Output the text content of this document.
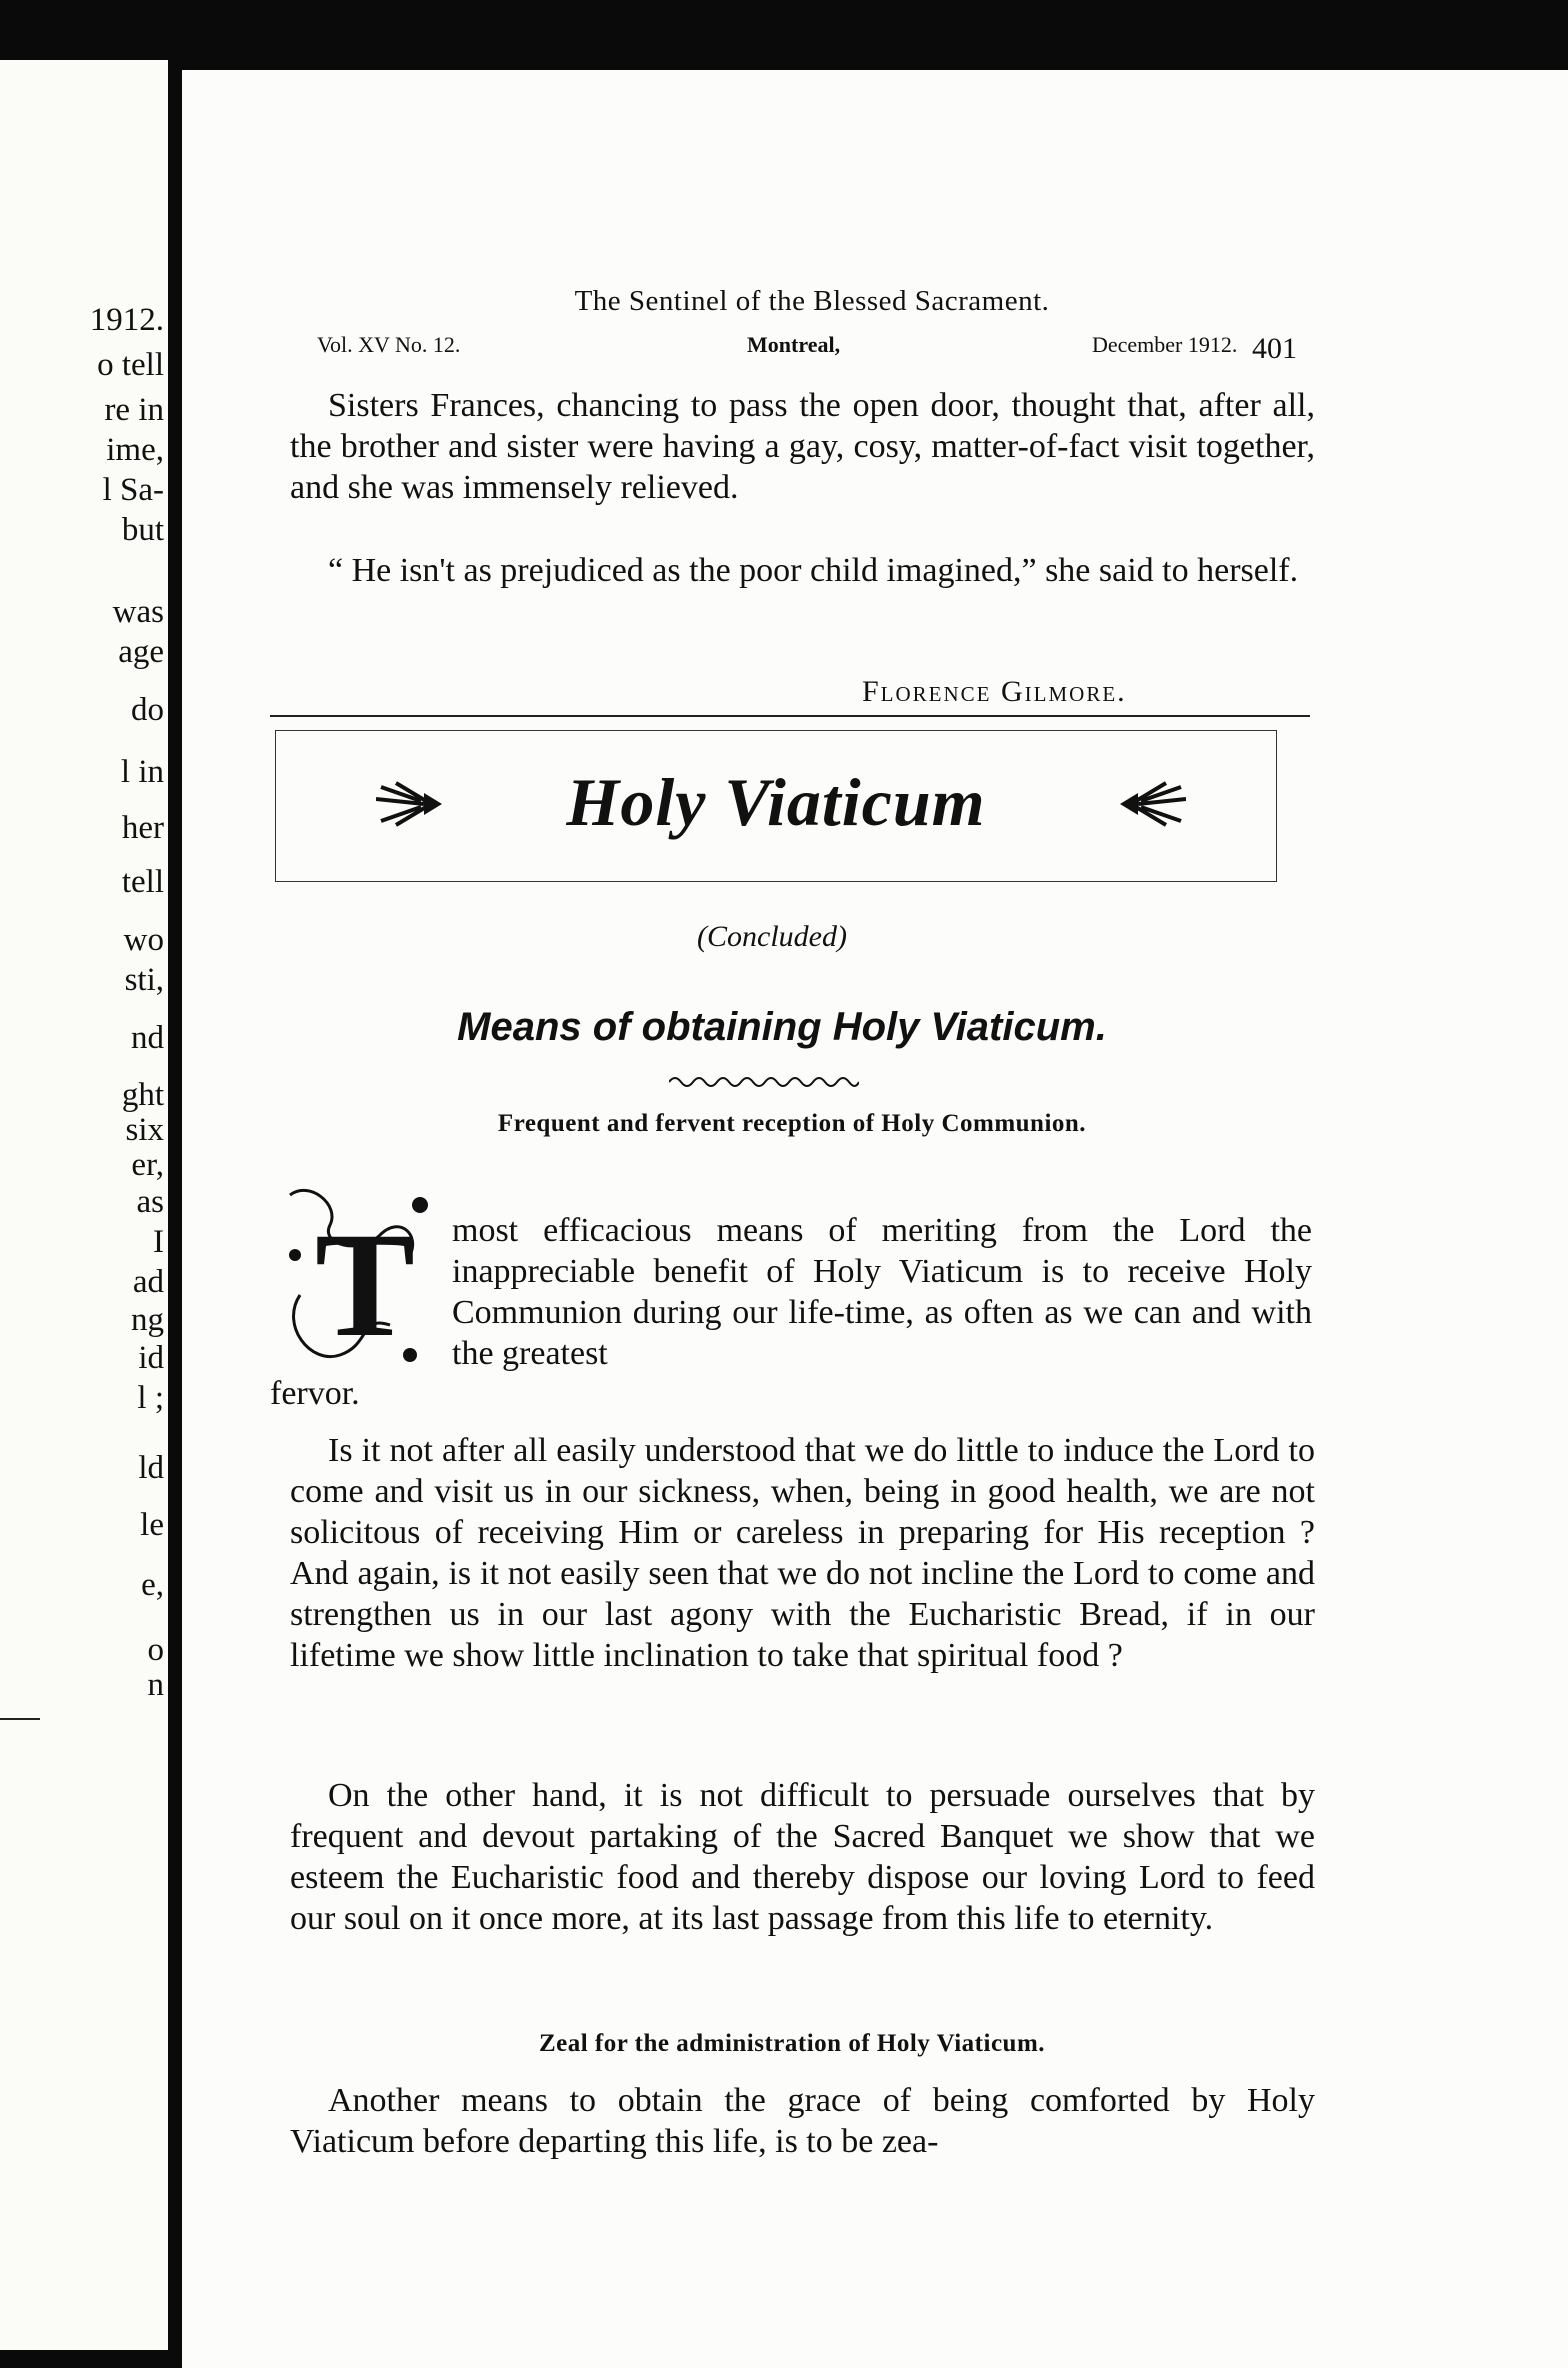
1912.
o tell
re in
ime,
l Sa-
but
was
age
do
l in
her
tell
wo
sti,
nd
ght
six
er,
as
I
ad
ng
id
l ;
ld
le
e,
o
n
The Sentinel of the Blessed Sacrament.
Vol. XV No. 12.	Montreal,	December 1912. 401

Sisters Frances, chancing to pass the open door, thought that, after all, the brother and sister were having a gay, cosy, matter-of-fact visit together, and she was immensely relieved.

“ He isn't as prejudiced as the poor child imagined,” she said to herself.

Florence Gilmore.
Holy Viaticum
(Concluded)
Means of obtaining Holy Viaticum.
Frequent and fervent reception of Holy Communion.
T most efficacious means of meriting from the Lord the inappreciable benefit of Holy Viaticum is to receive Holy Communion during our life-time, as often as we can and with the greatest

fervor.

Is it not after all easily understood that we do little to induce the Lord to come and visit us in our sickness, when, being in good health, we are not solicitous of receiving Him or careless in preparing for His reception ? And again, is it not easily seen that we do not incline the Lord to come and strengthen us in our last agony with the Eucharistic Bread, if in our lifetime we show little inclination to take that spiritual food ?

On the other hand, it is not difficult to persuade ourselves that by frequent and devout partaking of the Sacred Banquet we show that we esteem the Eucharistic food and thereby dispose our loving Lord to feed our soul on it once more, at its last passage from this life to eternity.

Zeal for the administration of Holy Viaticum.

Another means to obtain the grace of being comforted by Holy Viaticum before departing this life, is to be zea-
